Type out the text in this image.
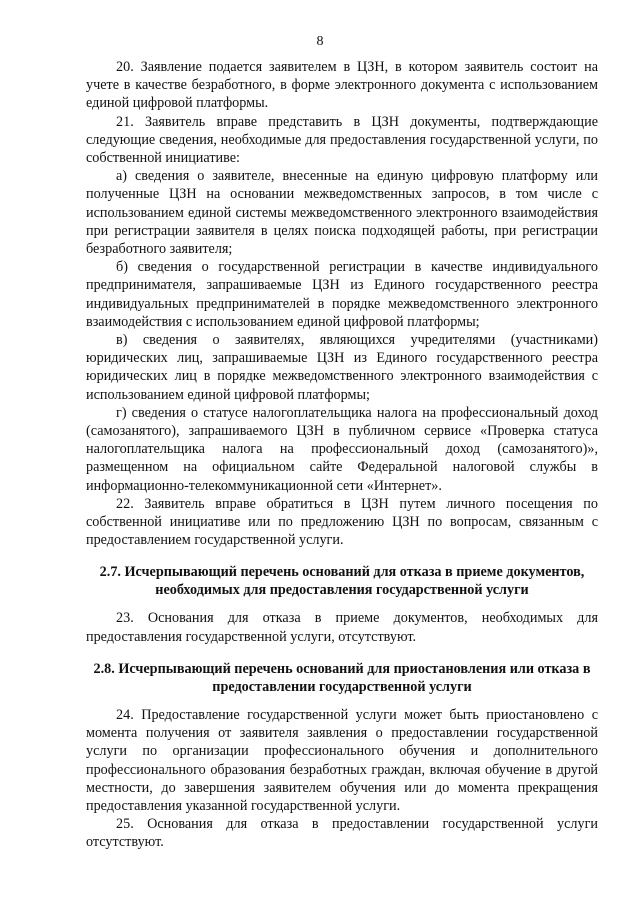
8

20. Заявление подается заявителем в ЦЗН, в котором заявитель состоит на учете в качестве безработного, в форме электронного документа с использованием единой цифровой платформы.

21. Заявитель вправе представить в ЦЗН документы, подтверждающие следующие сведения, необходимые для предоставления государственной услуги, по собственной инициативе:

а) сведения о заявителе, внесенные на единую цифровую платформу или полученные ЦЗН на основании межведомственных запросов, в том числе с использованием единой системы межведомственного электронного взаимодействия при регистрации заявителя в целях поиска подходящей работы, при регистрации безработного заявителя;

б) сведения о государственной регистрации в качестве индивидуального предпринимателя, запрашиваемые ЦЗН из Единого государственного реестра индивидуальных предпринимателей в порядке межведомственного электронного взаимодействия с использованием единой цифровой платформы;

в) сведения о заявителях, являющихся учредителями (участниками) юридических лиц, запрашиваемые ЦЗН из Единого государственного реестра юридических лиц в порядке межведомственного электронного взаимодействия с использованием единой цифровой платформы;

г) сведения о статусе налогоплательщика налога на профессиональный доход (самозанятого), запрашиваемого ЦЗН в публичном сервисе «Проверка статуса налогоплательщика налога на профессиональный доход (самозанятого)», размещенном на официальном сайте Федеральной налоговой службы в информационно-телекоммуникационной сети «Интернет».

22. Заявитель вправе обратиться в ЦЗН путем личного посещения по собственной инициативе или по предложению ЦЗН по вопросам, связанным с предоставлением государственной услуги.

2.7. Исчерпывающий перечень оснований для отказа в приеме документов, необходимых для предоставления государственной услуги

23. Основания для отказа в приеме документов, необходимых для предоставления государственной услуги, отсутствуют.

2.8. Исчерпывающий перечень оснований для приостановления или отказа в предоставлении государственной услуги

24. Предоставление государственной услуги может быть приостановлено с момента получения от заявителя заявления о предоставлении государственной услуги по организации профессионального обучения и дополнительного профессионального образования безработных граждан, включая обучение в другой местности, до завершения заявителем обучения или до момента прекращения предоставления указанной государственной услуги.

25. Основания для отказа в предоставлении государственной услуги отсутствуют.
